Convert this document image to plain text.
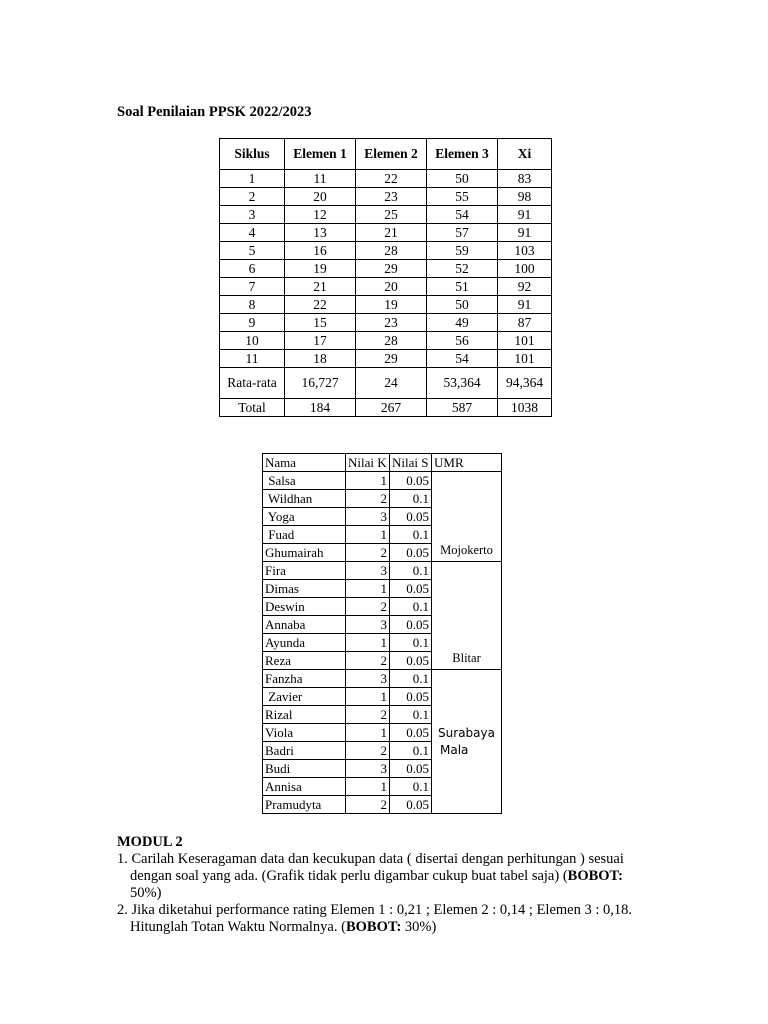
Soal Penilaian PPSK 2022/2023
Siklus	Elemen 1	Elemen 2	Elemen 3	Xi
1	11	22	50	83
2	20	23	55	98
3	12	25	54	91
4	13	21	57	91
5	16	28	59	103
6	19	29	52	100
7	21	20	51	92
8	22	19	50	91
9	15	23	49	87
10	17	28	56	101
11	18	29	54	101
Rata-rata	16,727	24	53,364	94,364
Total	184	267	587	1038
Nama	Nilai K	Nilai S	UMR
Salsa	1	0.05	Mojokerto
Wildhan	2	0.1	
Yoga	3	0.05	
Fuad	1	0.1	
Ghumairah	2	0.05	
Fira	3	0.1	Blitar
Dimas	1	0.05	
Deswin	2	0.1	
Annaba	3	0.05	
Ayunda	1	0.1	
Reza	2	0.05	
Fanzha	3	0.1	Surabaya
Mala

Zavier	1	0.05	
Rizal	2	0.1	
Viola	1	0.05	
Badri	2	0.1	
Budi	3	0.05	
Annisa	1	0.1	
Pramudyta	2	0.05	
MODUL 2
1. Carilah Keseragaman data dan kecukupan data ( disertai dengan perhitungan ) sesuai dengan soal yang ada. (Grafik tidak perlu digambar cukup buat tabel saja) (BOBOT: 50%)
2. Jika diketahui performance rating Elemen 1 : 0,21 ; Elemen 2 : 0,14 ; Elemen 3 : 0,18. Hitunglah Totan Waktu Normalnya. (BOBOT: 30%)
